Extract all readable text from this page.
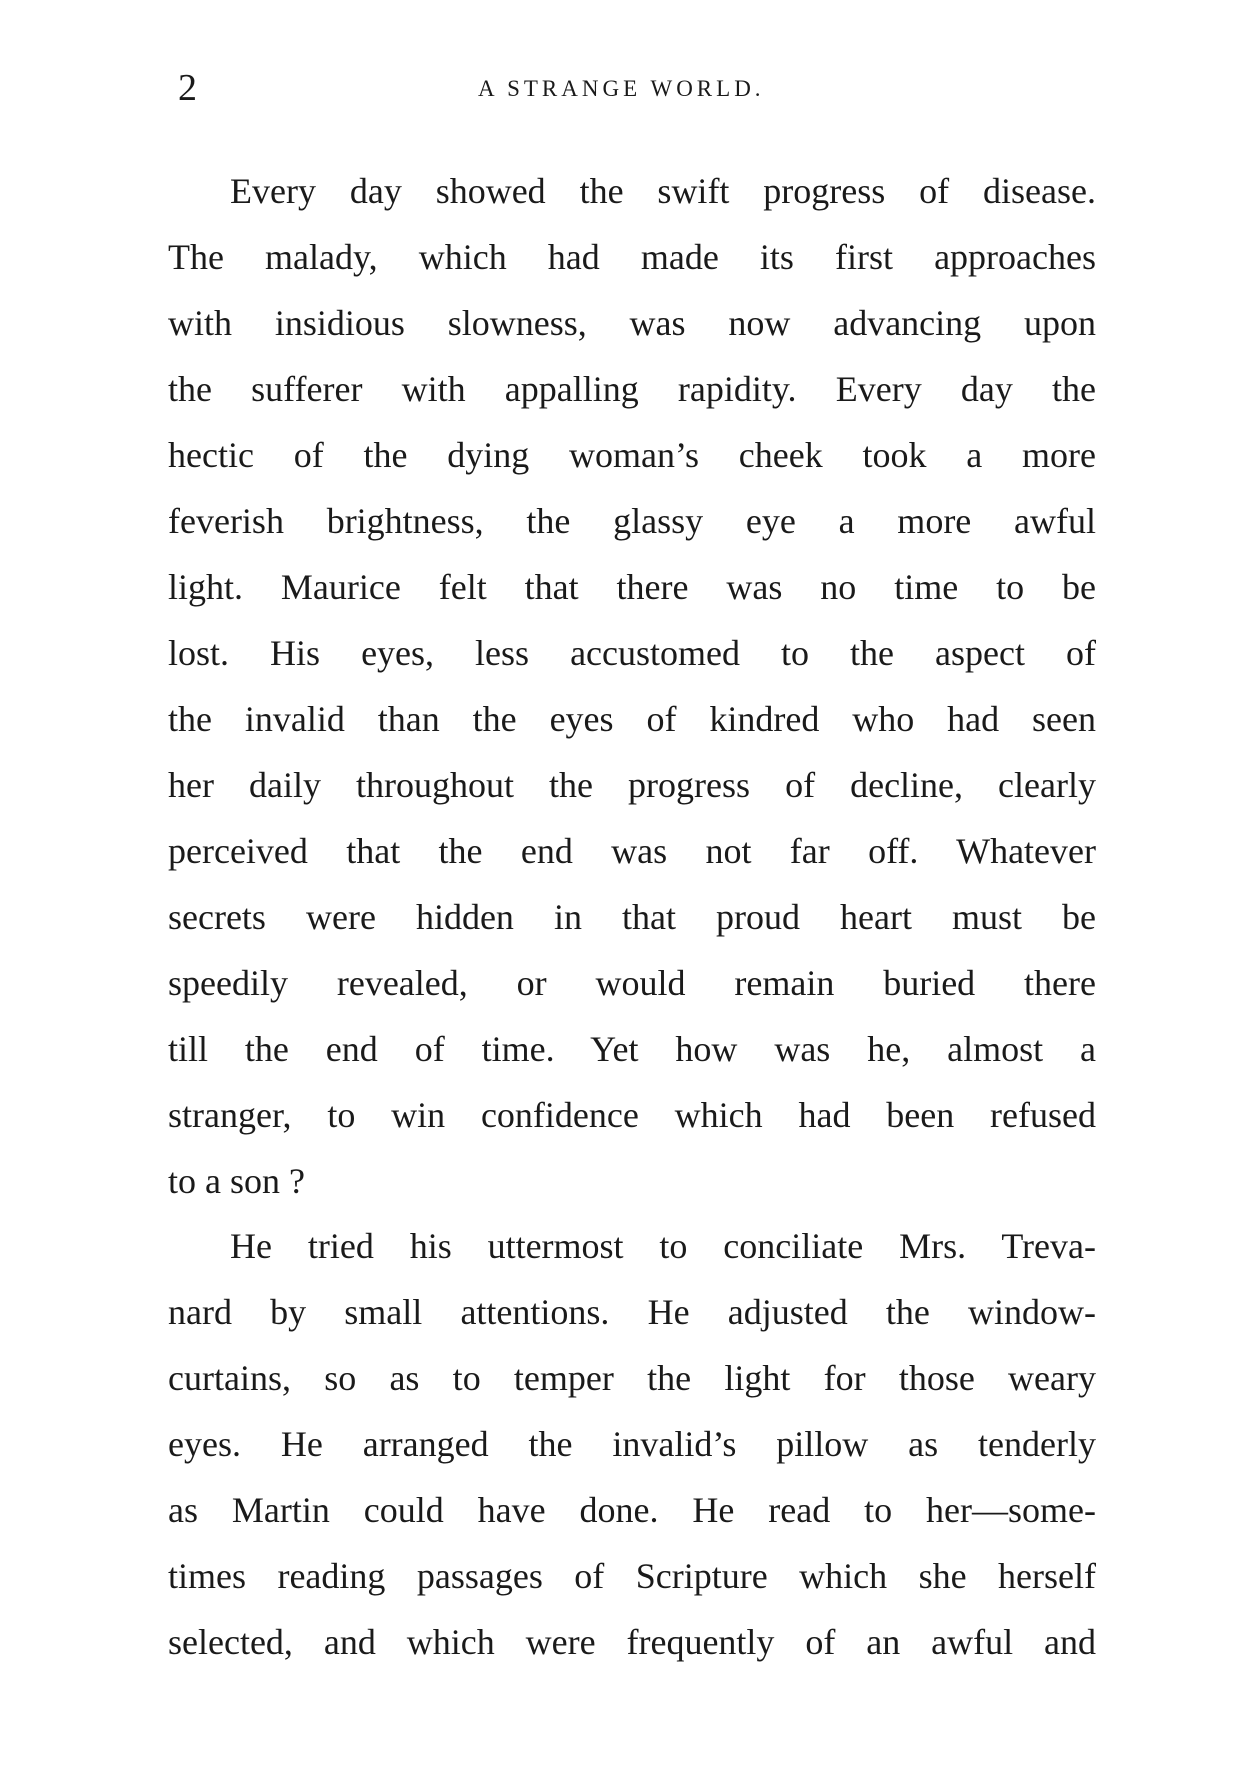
2	A STRANGE WORLD.
Every day showed the swift progress of disease.
The malady, which had made its first approaches
with insidious slowness, was now advancing upon
the sufferer with appalling rapidity. Every day the
hectic of the dying woman’s cheek took a more
feverish brightness, the glassy eye a more awful
light. Maurice felt that there was no time to be
lost. His eyes, less accustomed to the aspect of
the invalid than the eyes of kindred who had seen
her daily throughout the progress of decline, clearly
perceived that the end was not far off. Whatever
secrets were hidden in that proud heart must be
speedily revealed, or would remain buried there
till the end of time. Yet how was he, almost a
stranger, to win confidence which had been refused
to a son ?
He tried his uttermost to conciliate Mrs. Treva-
nard by small attentions. He adjusted the window-
curtains, so as to temper the light for those weary
eyes. He arranged the invalid’s pillow as tenderly
as Martin could have done. He read to her—some-
times reading passages of Scripture which she herself
selected, and which were frequently of an awful and
